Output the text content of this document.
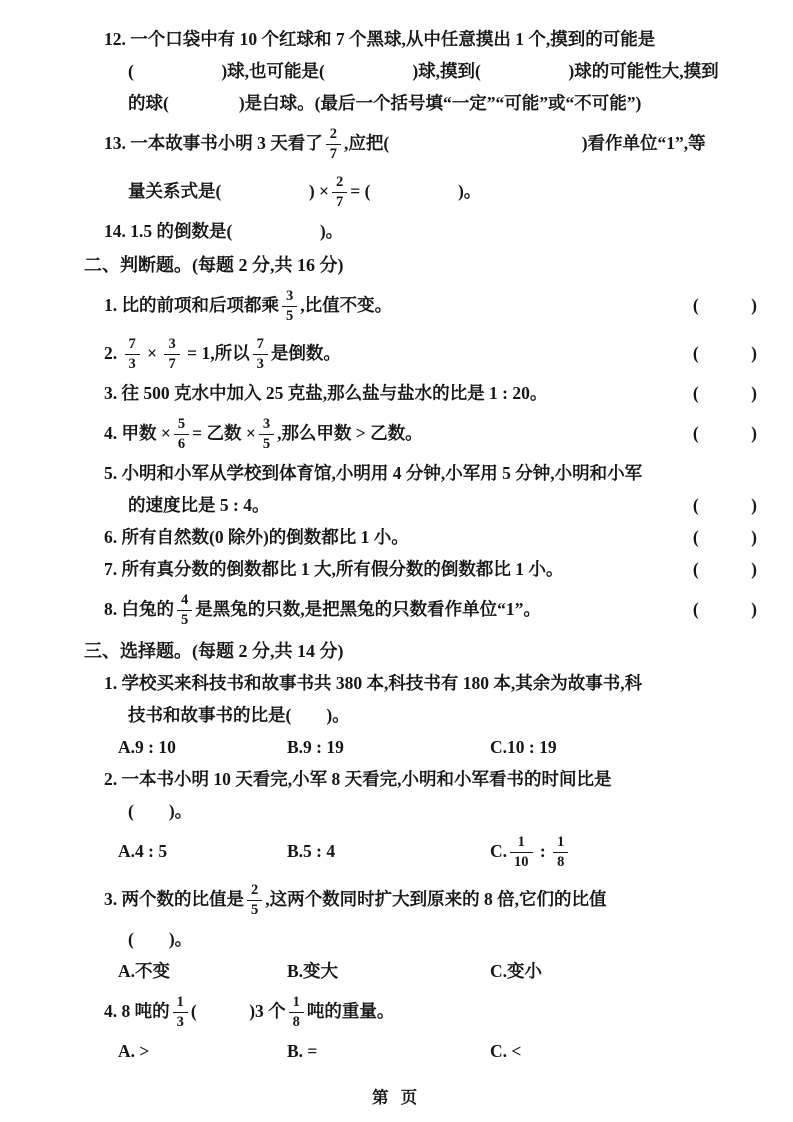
12. 一个口袋中有 10 个红球和 7 个黑球,从中任意摸出 1 个,摸到的可能是
(　　　　　)球,也可能是(　　　　　)球,摸到(　　　　　)球的可能性大,摸到
的球(　　　　)是白球。(最后一个括号填“一定”“可能”或“不可能”)
13. 一本故事书小明 3 天看了 $\frac{2}{7}$ ,应把(　　　　　　　　　　　)看作单位“1”,等
量关系式是(　　　　　) × $\frac{2}{7}$ = (　　　　　)。
14. 1.5 的倒数是(　　　　　)。
二、判断题。(每题 2 分,共 16 分)
1. 比的前项和后项都乘 $\frac{3}{5}$ ,比值不变。	(　　　)
2. $\frac{7}{3} \times \frac{3}{7} = 1$,所以 $\frac{7}{3}$ 是倒数。	(　　　)
3. 往 500 克水中加入 25 克盐,那么盐与盐水的比是 1 : 20。	(　　　)
4. 甲数 × $\frac{5}{6}$ = 乙数 × $\frac{3}{5}$ ,那么甲数 > 乙数。	(　　　)
5. 小明和小军从学校到体育馆,小明用 4 分钟,小军用 5 分钟,小明和小军
的速度比是 5 : 4。	(　　　)
6. 所有自然数(0 除外)的倒数都比 1 小。	(　　　)
7. 所有真分数的倒数都比 1 大,所有假分数的倒数都比 1 小。	(　　　)
8. 白兔的 $\frac{4}{5}$ 是黑兔的只数,是把黑兔的只数看作单位“1”。	(　　　)
三、选择题。(每题 2 分,共 14 分)
1. 学校买来科技书和故事书共 380 本,科技书有 180 本,其余为故事书,科
技书和故事书的比是(　　)。
A.9 : 10	B.9 : 19	C.10 : 19
2. 一本书小明 10 天看完,小军 8 天看完,小明和小军看书的时间比是
(　　)。
A.4 : 5	B.5 : 4	C. $\frac{1}{10}$ : $\frac{1}{8}$
3. 两个数的比值是 $\frac{2}{5}$ ,这两个数同时扩大到原来的 8 倍,它们的比值
(　　)。
A.不变	B.变大	C.变小
4. 8 吨的 $\frac{1}{3}$ (　　　)3 个 $\frac{1}{8}$ 吨的重量。
A. >	B. =	C. <
第 页
